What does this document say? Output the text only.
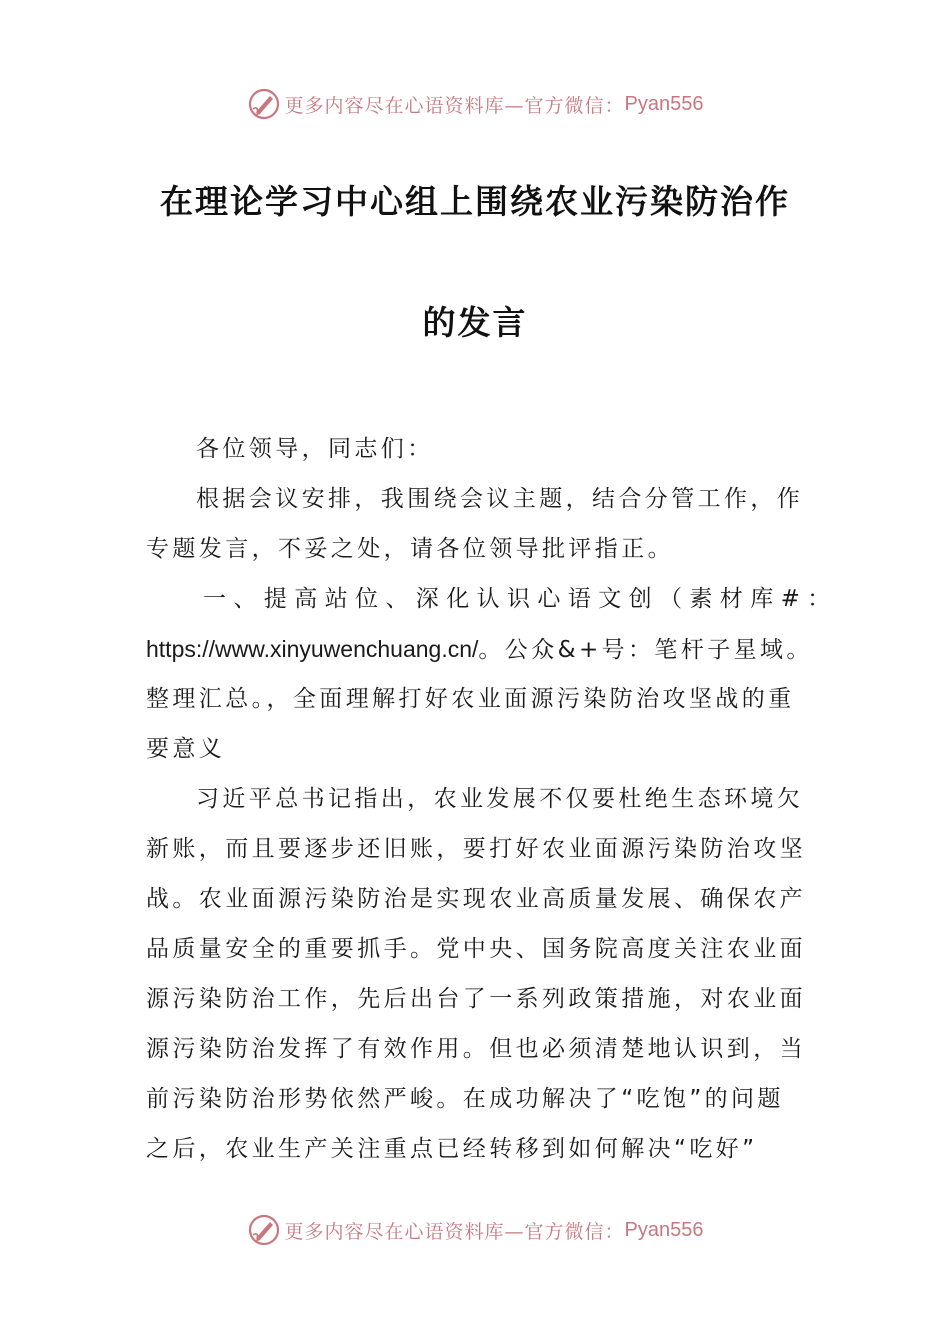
更多内容尽在心语资料库—官方微信： Pyan556
在理论学习中心组上围绕农业污染防治作
的发言
各位领导，同志们：
根据会议安排，我围绕会议主题，结合分管工作，作
专题发言，不妥之处，请各位领导批评指正。
一、提高站位、深化认识心语文创（素材库#：
https://www.xinyuwenchuang.cn/。公众&+号：笔杆子星域。
整理汇总。，全面理解打好农业面源污染防治攻坚战的重
要意义
习近平总书记指出，农业发展不仅要杜绝生态环境欠
新账，而且要逐步还旧账，要打好农业面源污染防治攻坚
战。农业面源污染防治是实现农业高质量发展、确保农产
品质量安全的重要抓手。党中央、国务院高度关注农业面
源污染防治工作，先后出台了一系列政策措施，对农业面
源污染防治发挥了有效作用。但也必须清楚地认识到，当
前污染防治形势依然严峻。在成功解决了“吃饱”的问题
之后，农业生产关注重点已经转移到如何解决“吃好”
更多内容尽在心语资料库—官方微信： Pyan556
